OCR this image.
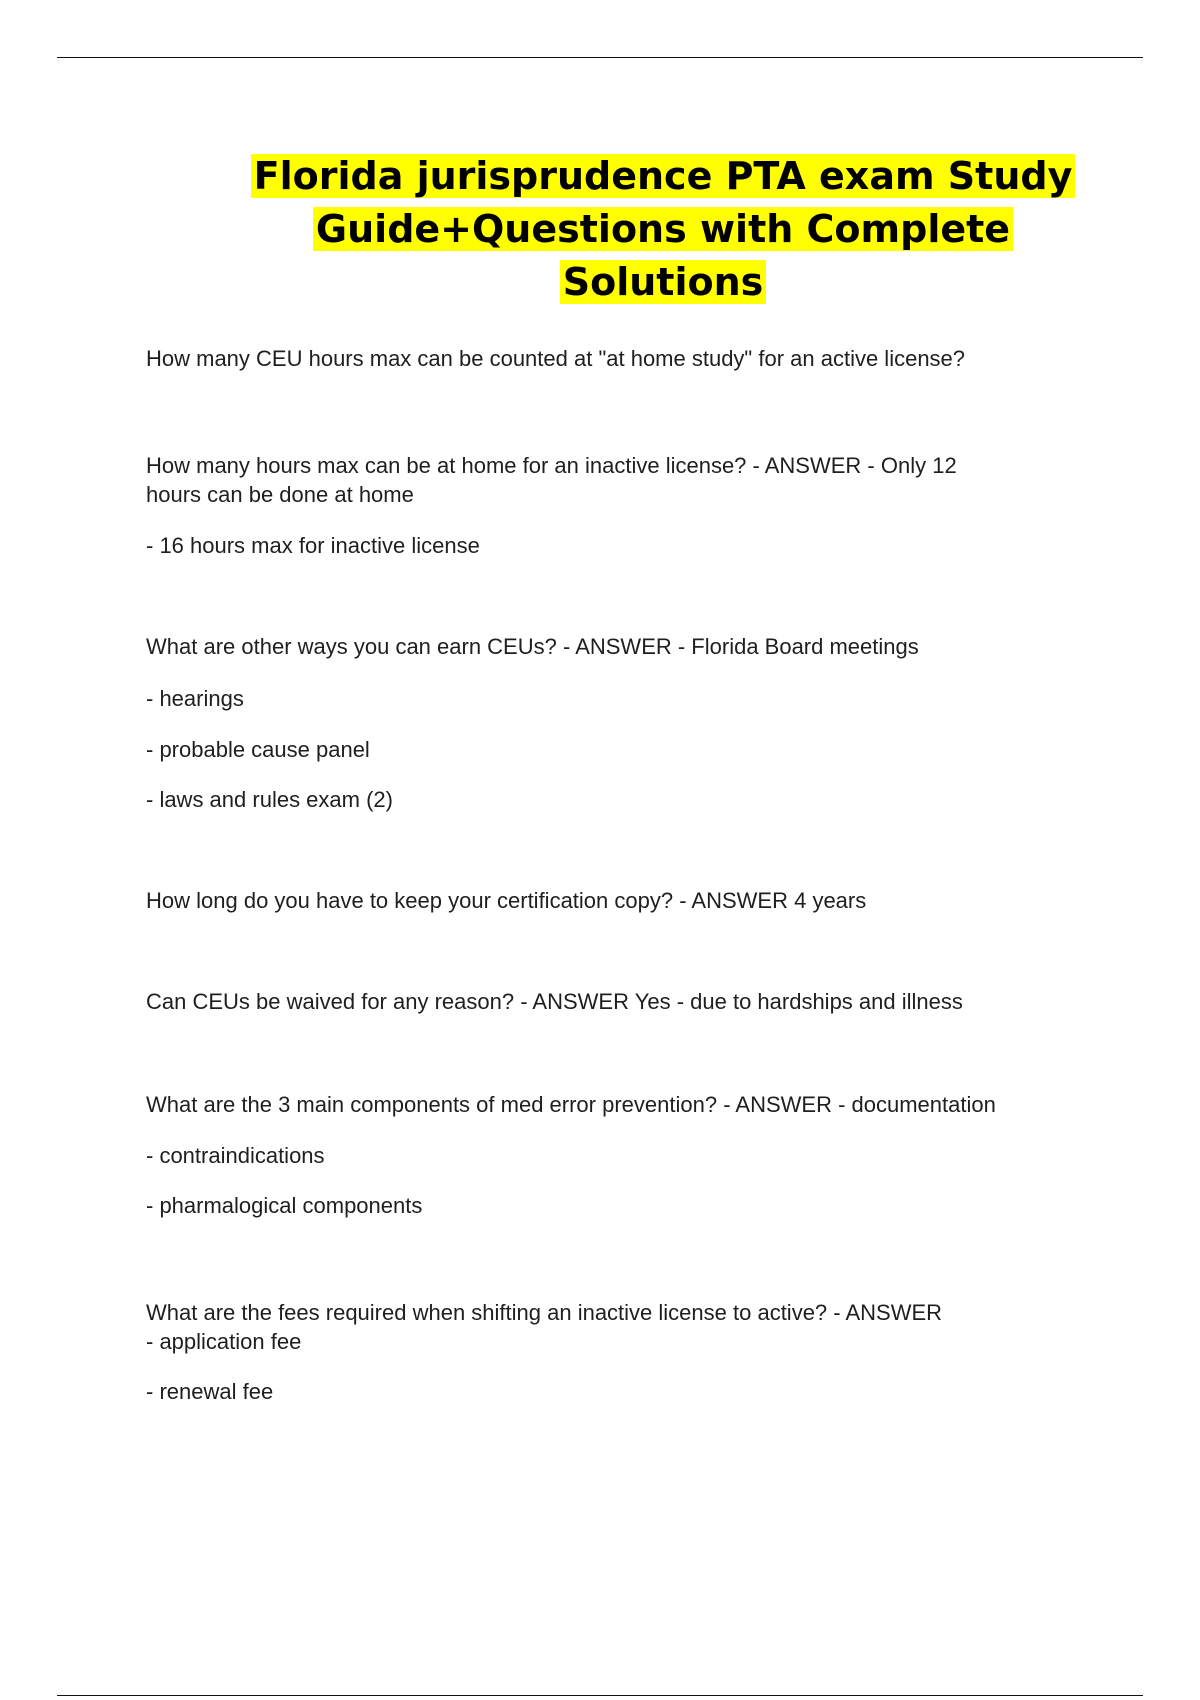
Florida jurisprudence PTA exam Study
Guide+Questions with Complete
Solutions

How many CEU hours max can be counted at "at home study" for an active license?

How many hours max can be at home for an inactive license? - ANSWER - Only 12

hours can be done at home

- 16 hours max for inactive license

What are other ways you can earn CEUs? - ANSWER - Florida Board meetings

- hearings

- probable cause panel

- laws and rules exam (2)

How long do you have to keep your certification copy? - ANSWER 4 years

Can CEUs be waived for any reason? - ANSWER Yes - due to hardships and illness

What are the 3 main components of med error prevention? - ANSWER - documentation

- contraindications

- pharmalogical components

What are the fees required when shifting an inactive license to active? - ANSWER

- application fee

- renewal fee
